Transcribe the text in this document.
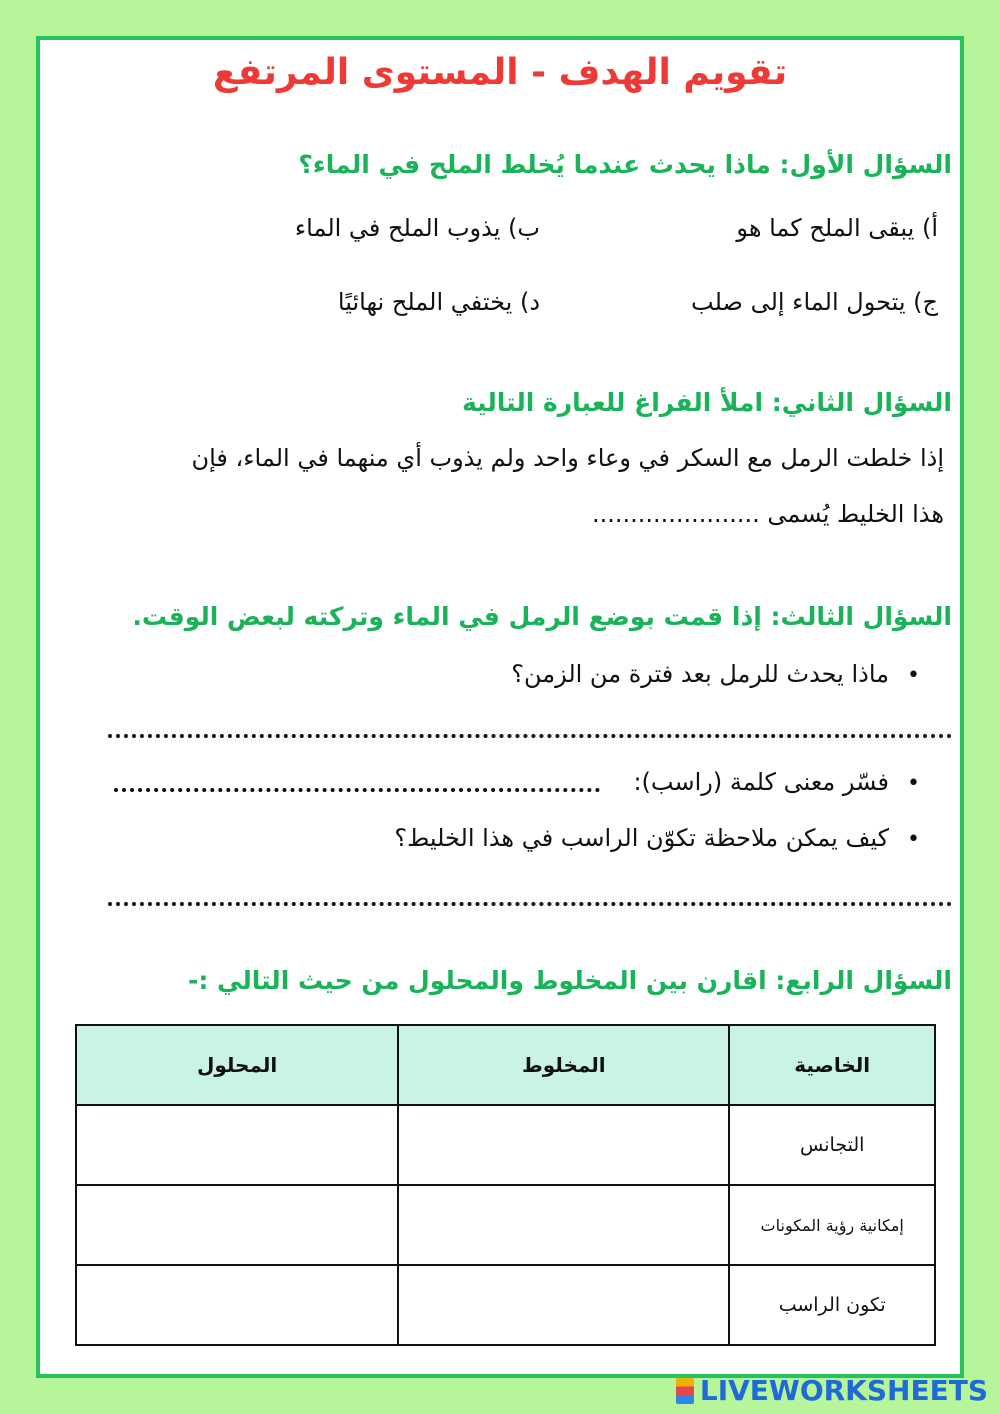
تقويم الهدف - المستوى المرتفع
السؤال الأول: ماذا يحدث عندما يُخلط الملح في الماء؟
أ) يبقى الملح كما هو
ب) يذوب الملح في الماء
ج) يتحول الماء إلى صلب
د) يختفي الملح نهائيًا
السؤال الثاني: املأ الفراغ للعبارة التالية
إذا خلطت الرمل مع السكر في وعاء واحد ولم يذوب أي منهما في الماء، فإن
هذا الخليط يُسمى ......................
السؤال الثالث: إذا قمت بوضع الرمل في الماء وتركته لبعض الوقت.
• ماذا يحدث للرمل بعد فترة من الزمن؟
• فسّر معنى كلمة (راسب):
• كيف يمكن ملاحظة تكوّن الراسب في هذا الخليط؟
السؤال الرابع: اقارن بين المخلوط والمحلول من حيث التالي :-
الخاصية	المخلوط	المحلول
التجانس		
إمكانية رؤية المكونات		
تكون الراسب		
LIVEWORKSHEETS
